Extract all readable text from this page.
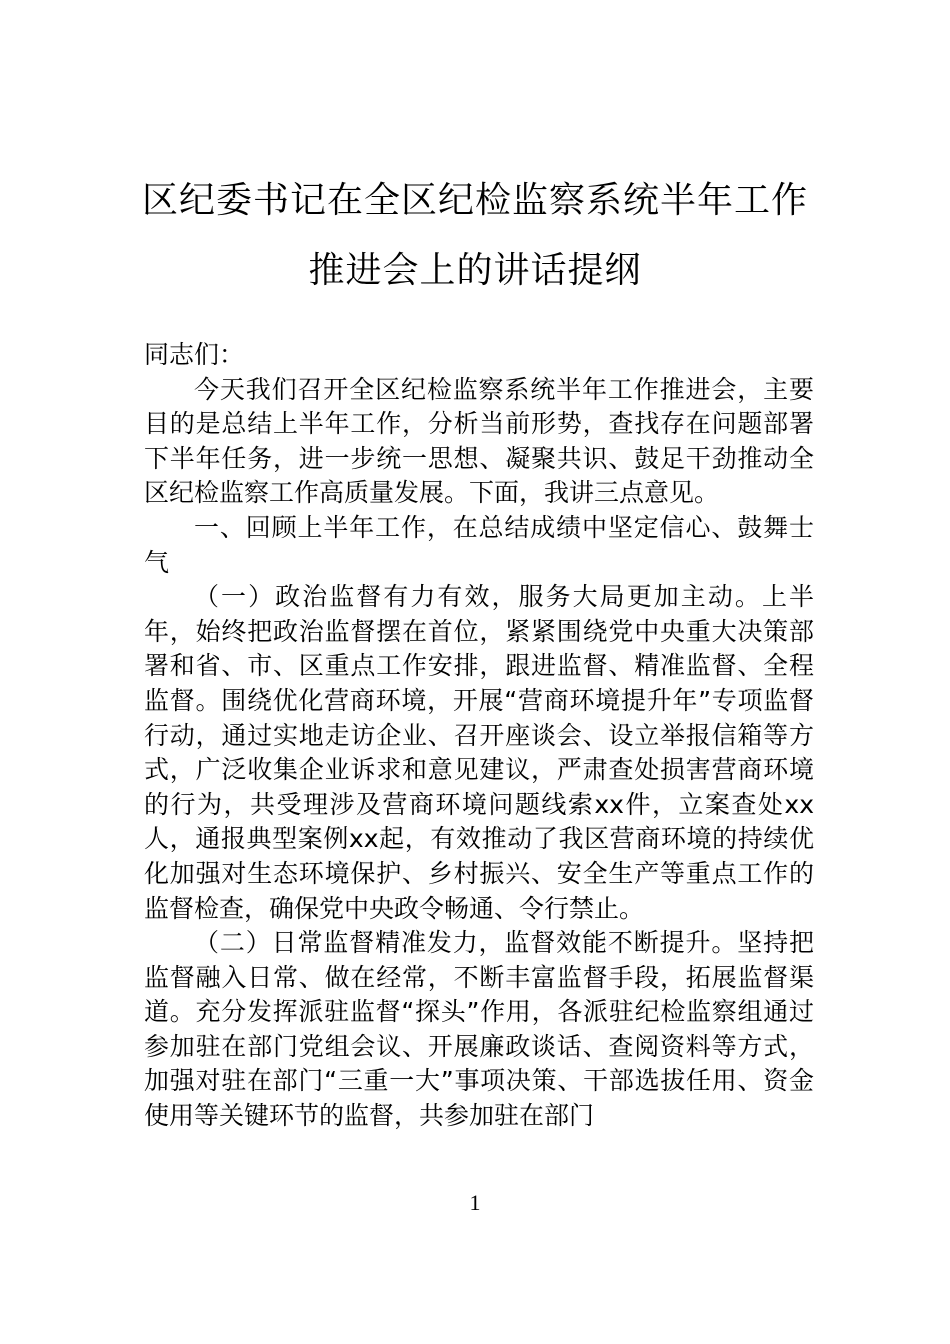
区纪委书记在全区纪检监察系统半年工作
推进会上的讲话提纲

同志们：

今天我们召开全区纪检监察系统半年工作推进会，主要目的是总结上半年工作，分析当前形势，查找存在问题部署下半年任务，进一步统一思想、凝聚共识、鼓足干劲推动全区纪检监察工作高质量发展。下面，我讲三点意见。

一、回顾上半年工作，在总结成绩中坚定信心、鼓舞士气

（一）政治监督有力有效，服务大局更加主动。上半年，始终把政治监督摆在首位，紧紧围绕党中央重大决策部署和省、市、区重点工作安排，跟进监督、精准监督、全程监督。围绕优化营商环境，开展“营商环境提升年”专项监督行动，通过实地走访企业、召开座谈会、设立举报信箱等方式，广泛收集企业诉求和意见建议，严肃查处损害营商环境的行为，共受理涉及营商环境问题线索xx件，立案查处xx人，通报典型案例xx起，有效推动了我区营商环境的持续优化加强对生态环境保护、乡村振兴、安全生产等重点工作的监督检查，确保党中央政令畅通、令行禁止。

（二）日常监督精准发力，监督效能不断提升。坚持把监督融入日常、做在经常，不断丰富监督手段，拓展监督渠道。充分发挥派驻监督“探头”作用，各派驻纪检监察组通过参加驻在部门党组会议、开展廉政谈话、查阅资料等方式，加强对驻在部门“三重一大”事项决策、干部选拔任用、资金使用等关键环节的监督，共参加驻在部门

1
